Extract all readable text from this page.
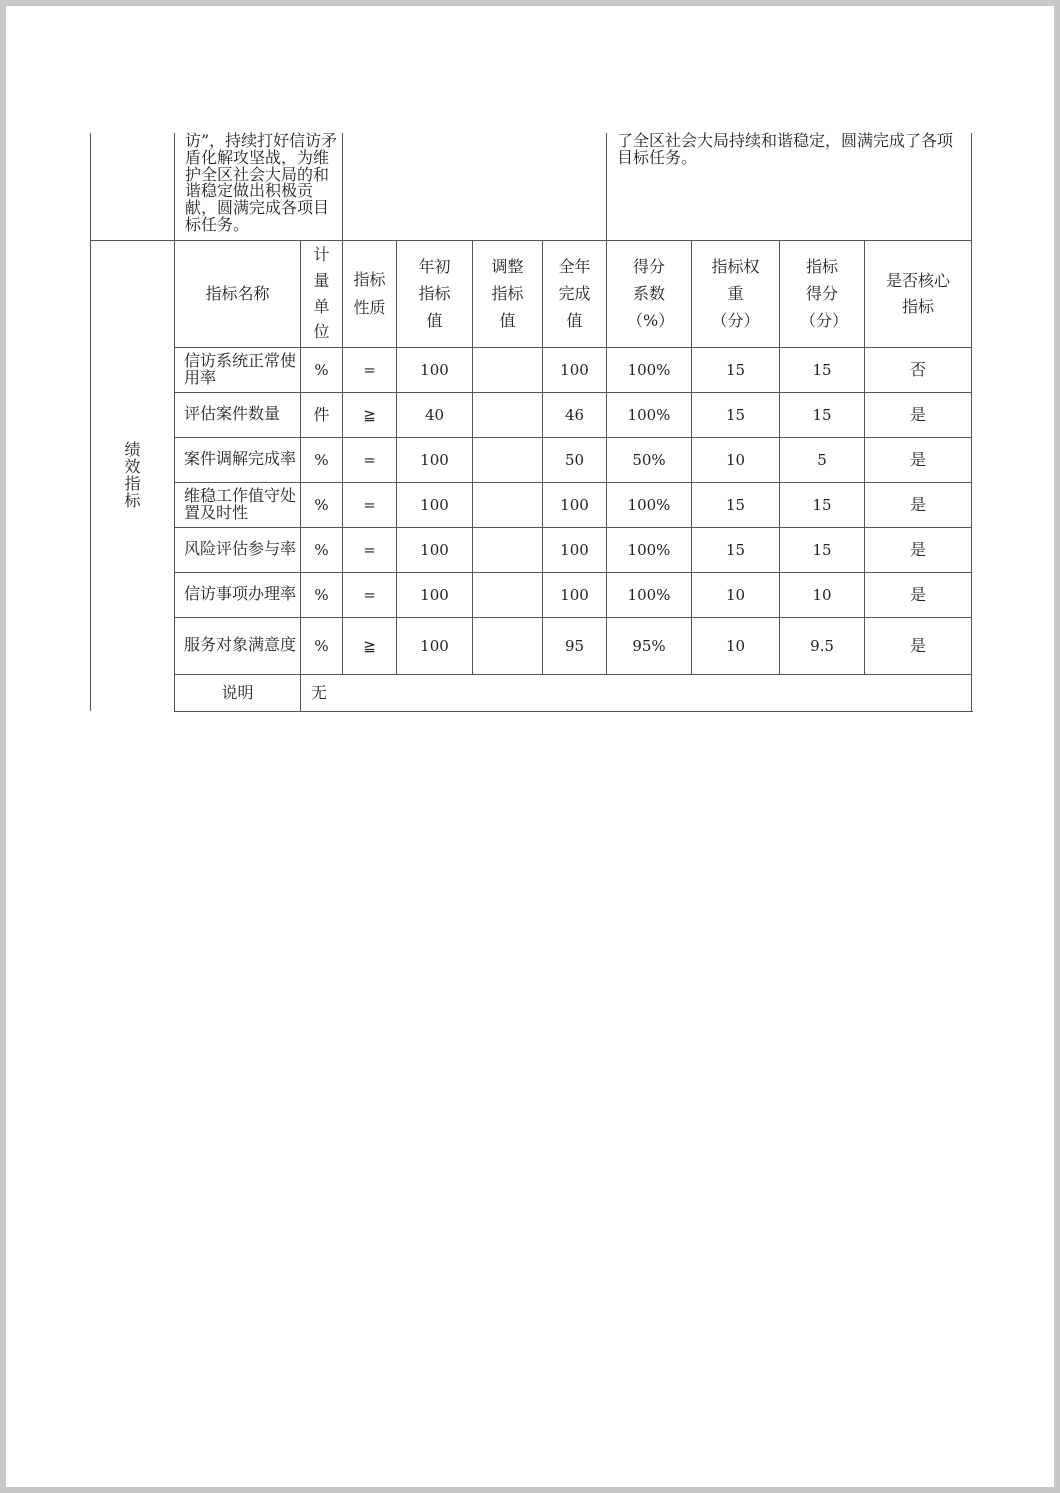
	访”，持续打好信访矛盾化解攻坚战，为维护全区社会大局的和谐稳定做出积极贡献，圆满完成各项目标任务。						了全区社会大局持续和谐稳定，圆满完成了各项目标任务。			
绩效指标	指标名称	计量单位	指标性质	年初指标值	调整指标值	全年完成值	得分系数（%）	指标权重（分）	指标得分（分）	是否核心指标
	信访系统正常使用率	%	=	100		100	100%	15	15	否
	评估案件数量	件	≧	40		46	100%	15	15	是
	案件调解完成率	%	=	100		50	50%	10	5	是
	维稳工作值守处置及时性	%	=	100		100	100%	15	15	是
	风险评估参与率	%	=	100		100	100%	15	15	是
	信访事项办理率	%	=	100		100	100%	10	10	是
	服务对象满意度	%	≧	100		95	95%	10	9.5	是
	说明	无								
